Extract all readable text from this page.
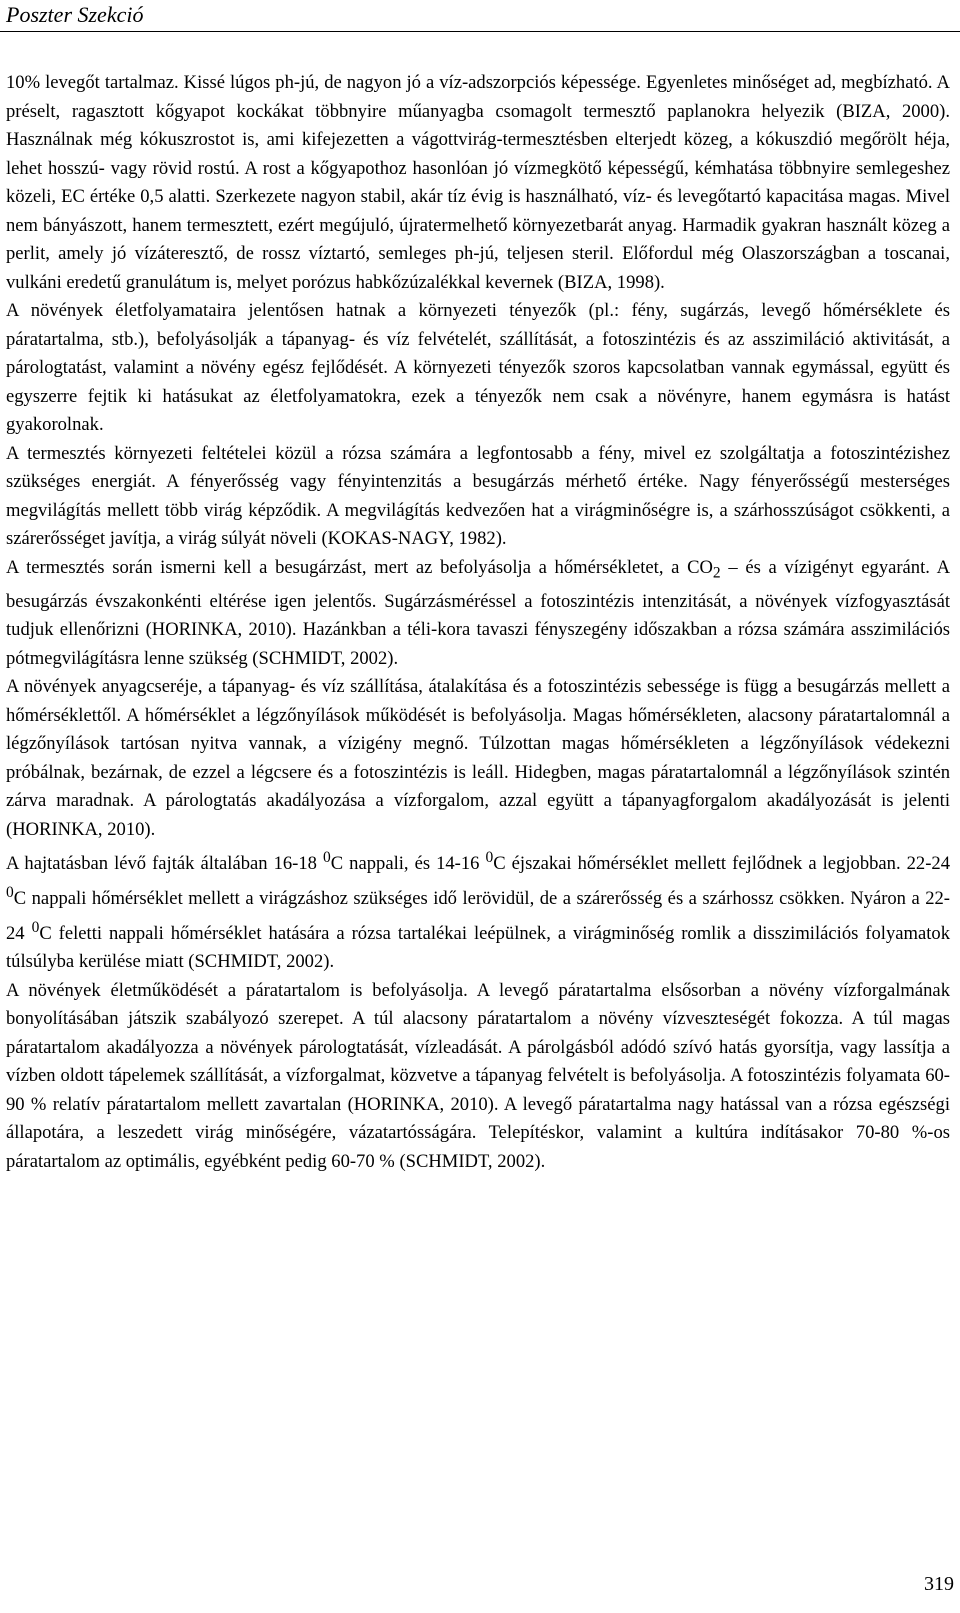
Poszter Szekció

10% levegőt tartalmaz. Kissé lúgos ph-jú, de nagyon jó a víz-adszorpciós képessége. Egyenletes minőséget ad, megbízható. A préselt, ragasztott kőgyapot kockákat többnyire műanyagba csomagolt termesztő paplanokra helyezik (BIZA, 2000). Használnak még kókuszrostot is, ami kifejezetten a vágottvirág-termesztésben elterjedt közeg, a kókuszdió megőrölt héja, lehet hosszú- vagy rövid rostú. A rost a kőgyapothoz hasonlóan jó vízmegkötő képességű, kémhatása többnyire semlegeshez közeli, EC értéke 0,5 alatti. Szerkezete nagyon stabil, akár tíz évig is használható, víz- és levegőtartó kapacitása magas. Mivel nem bányászott, hanem termesztett, ezért megújuló, újratermelhető környezetbarát anyag. Harmadik gyakran használt közeg a perlit, amely jó vízáteresztő, de rossz víztartó, semleges ph-jú, teljesen steril. Előfordul még Olaszországban a toscanai, vulkáni eredetű granulátum is, melyet porózus habkőzúzalékkal kevernek (BIZA, 1998).

A növények életfolyamataira jelentősen hatnak a környezeti tényezők (pl.: fény, sugárzás, levegő hőmérséklete és páratartalma, stb.), befolyásolják a tápanyag- és víz felvételét, szállítását, a fotoszintézis és az asszimiláció aktivitását, a párologtatást, valamint a növény egész fejlődését. A környezeti tényezők szoros kapcsolatban vannak egymással, együtt és egyszerre fejtik ki hatásukat az életfolyamatokra, ezek a tényezők nem csak a növényre, hanem egymásra is hatást gyakorolnak.

A termesztés környezeti feltételei közül a rózsa számára a legfontosabb a fény, mivel ez szolgáltatja a fotoszintézishez szükséges energiát. A fényerősség vagy fényintenzitás a besugárzás mérhető értéke. Nagy fényerősségű mesterséges megvilágítás mellett több virág képződik. A megvilágítás kedvezően hat a virágminőségre is, a szárhosszúságot csökkenti, a szárerősséget javítja, a virág súlyát növeli (KOKAS-NAGY, 1982).

A termesztés során ismerni kell a besugárzást, mert az befolyásolja a hőmérsékletet, a $CO_2$ – és a vízigényt egyaránt. A besugárzás évszakonkénti eltérése igen jelentős. Sugárzásméréssel a fotoszintézis intenzitását, a növények vízfogyasztását tudjuk ellenőrizni (HORINKA, 2010). Hazánkban a téli-kora tavaszi fényszegény időszakban a rózsa számára asszimilációs pótmegvilágításra lenne szükség (SCHMIDT, 2002).

A növények anyagcseréje, a tápanyag- és víz szállítása, átalakítása és a fotoszintézis sebessége is függ a besugárzás mellett a hőmérséklettől. A hőmérséklet a légzőnyílások működését is befolyásolja. Magas hőmérsékleten, alacsony páratartalomnál a légzőnyílások tartósan nyitva vannak, a vízigény megnő. Túlzottan magas hőmérsékleten a légzőnyílások védekezni próbálnak, bezárnak, de ezzel a légcsere és a fotoszintézis is leáll. Hidegben, magas páratartalomnál a légzőnyílások szintén zárva maradnak. A párologtatás akadályozása a vízforgalom, azzal együtt a tápanyagforgalom akadályozását is jelenti (HORINKA, 2010).

A hajtatásban lévő fajták általában 16-18 $^0$C nappali, és 14-16 $^0$C éjszakai hőmérséklet mellett fejlődnek a legjobban. 22-24 $^0$C nappali hőmérséklet mellett a virágzáshoz szükséges idő lerövidül, de a szárerősség és a szárhossz csökken. Nyáron a 22-24 $^0$C feletti nappali hőmérséklet hatására a rózsa tartalékai leépülnek, a virágminőség romlik a disszimilációs folyamatok túlsúlyba kerülése miatt (SCHMIDT, 2002).

A növények életműködését a páratartalom is befolyásolja. A levegő páratartalma elsősorban a növény vízforgalmának bonyolításában játszik szabályozó szerepet. A túl alacsony páratartalom a növény vízveszteségét fokozza. A túl magas páratartalom akadályozza a növények párologtatását, vízleadását. A párolgásból adódó szívó hatás gyorsítja, vagy lassítja a vízben oldott tápelemek szállítását, a vízforgalmat, közvetve a tápanyag felvételt is befolyásolja. A fotoszintézis folyamata 60-90 % relatív páratartalom mellett zavartalan (HORINKA, 2010). A levegő páratartalma nagy hatással van a rózsa egészségi állapotára, a leszedett virág minőségére, vázatartósságára. Telepítéskor, valamint a kultúra indításakor 70-80 %-os páratartalom az optimális, egyébként pedig 60-70 % (SCHMIDT, 2002).

319
